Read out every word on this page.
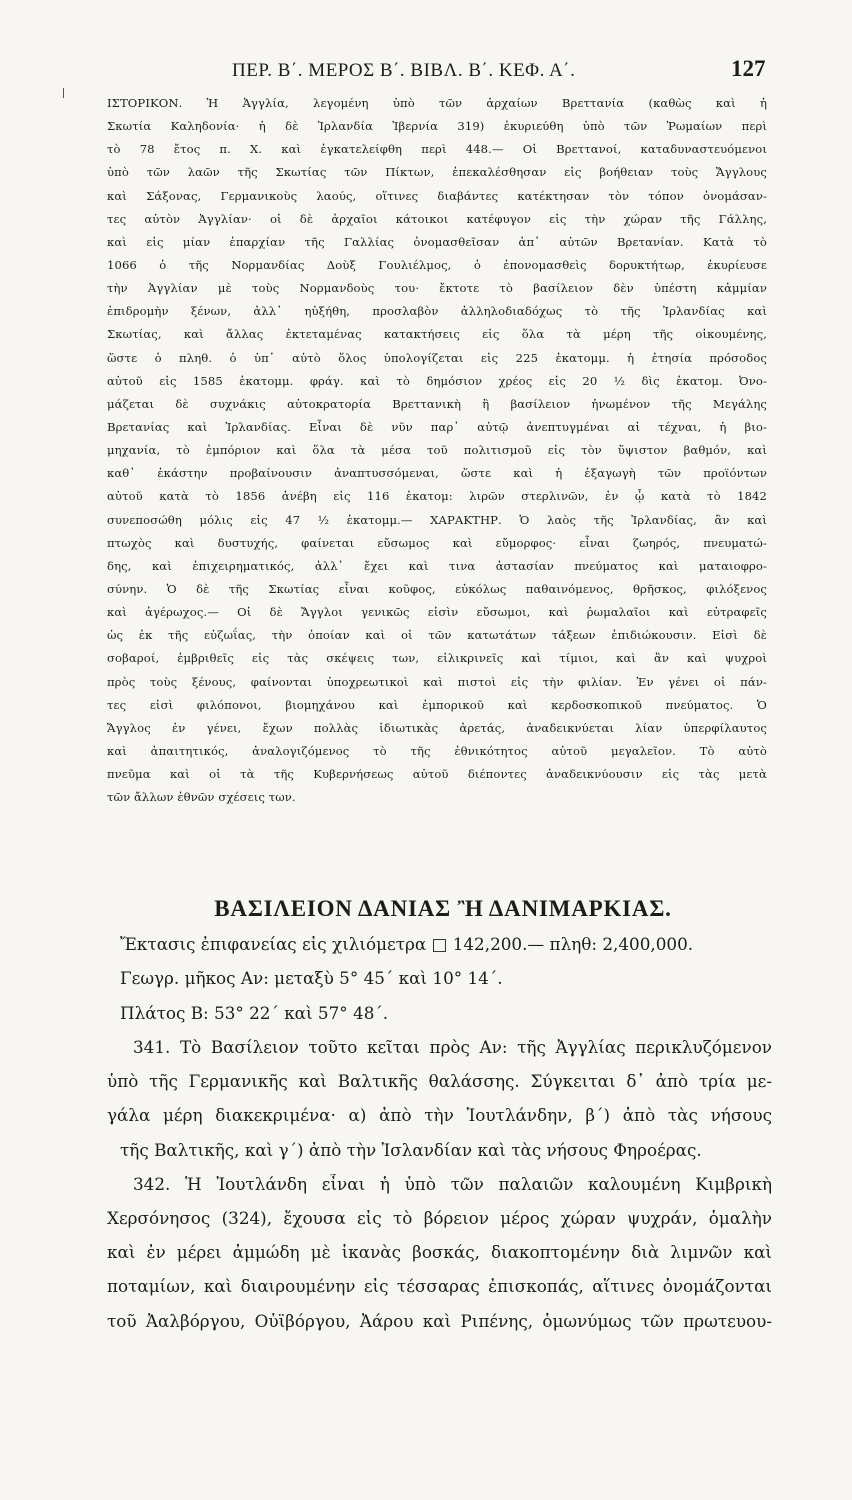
ΠΕΡ. Β΄. ΜΕΡΟΣ Β΄. ΒΙΒΛ. Β΄. ΚΕΦ. Α΄.	127
ΙΣΤΟΡΙΚΟΝ. Ἡ Ἀγγλία, λεγομένη ὑπὸ τῶν ἀρχαίων Βρεττανία (καθὼς καὶ ἡ
Σκωτία Καληδονία· ἡ δὲ Ἰρλανδία Ἰβερνία 319) ἐκυριεύθη ὑπὸ τῶν Ῥωμαίων περὶ
τὸ 78 ἔτος π. Χ. καὶ ἐγκατελείφθη περὶ 448.— Οἱ Βρεττανοί, καταδυναστευόμενοι
ὑπὸ τῶν λαῶν τῆς Σκωτίας τῶν Πίκτων, ἐπεκαλέσθησαν εἰς βοήθειαν τοὺς Ἄγγλους
καὶ Σάξονας, Γερμανικοὺς λαούς, οἵτινες διαβάντες κατέκτησαν τὸν τόπον ὀνομάσαν-
τες αὐτὸν Ἀγγλίαν· οἱ δὲ ἀρχαῖοι κάτοικοι κατέφυγον εἰς τὴν χώραν τῆς Γάλλης,
καὶ εἰς μίαν ἐπαρχίαν τῆς Γαλλίας ὀνομασθεῖσαν ἀπ᾽ αὐτῶν Βρετανίαν. Κατὰ τὸ
1066 ὁ τῆς Νορμανδίας Δοὺξ Γουλιέλμος, ὁ ἐπονομασθεὶς δορυκτήτωρ, ἐκυρίευσε
τὴν Ἀγγλίαν μὲ τοὺς Νορμανδοὺς του· ἔκτοτε τὸ βασίλειον δὲν ὑπέστη κἀμμίαν
ἐπιδρομὴν ξένων, ἀλλ᾽ ηὐξήθη, προσλαβὸν ἀλληλοδιαδόχως τὸ τῆς Ἰρλανδίας καὶ
Σκωτίας, καὶ ἄλλας ἐκτεταμένας κατακτήσεις εἰς ὅλα τὰ μέρη τῆς οἰκουμένης,
ὥστε ὁ πληθ. ὁ ὑπ᾽ αὐτὸ ὅλος ὑπολογίζεται εἰς 225 ἑκατομμ. ἡ ἐτησία πρόσοδος
αὐτοῦ εἰς 1585 ἑκατομμ. φράγ. καὶ τὸ δημόσιον χρέος εἰς 20 ½ δὶς ἑκατομ. Ὀνο-
μάζεται δὲ συχνάκις αὐτοκρατορία Βρεττανικὴ ἢ βασίλειον ἡνωμένον τῆς Μεγάλης
Βρετανίας καὶ Ἰρλανδίας. Εἶναι δὲ νῦν παρ᾽ αὐτῷ ἀνεπτυγμέναι αἱ τέχναι, ἡ βιο-
μηχανία, τὸ ἐμπόριον καὶ ὅλα τὰ μέσα τοῦ πολιτισμοῦ εἰς τὸν ὕψιστον βαθμόν, καὶ
καθ᾽ ἑκάστην προβαίνουσιν ἀναπτυσσόμεναι, ὥστε καὶ ἡ ἐξαγωγὴ τῶν προϊόντων
αὐτοῦ κατὰ τὸ 1856 ἀνέβη εἰς 116 ἑκατομ: λιρῶν στερλινῶν, ἐν ᾧ κατὰ τὸ 1842
συνεποσώθη μόλις εἰς 47 ½ ἑκατομμ.— ΧΑΡΑΚΤΗΡ. Ὁ λαὸς τῆς Ἰρλανδίας, ἂν καὶ
πτωχὸς καὶ δυστυχής, φαίνεται εὔσωμος καὶ εὔμορφος· εἶναι ζωηρός, πνευματώ-
δης, καὶ ἐπιχειρηματικός, ἀλλ᾽ ἔχει καὶ τινα ἀστασίαν πνεύματος καὶ ματαιοφρο-
σύνην. Ὁ δὲ τῆς Σκωτίας εἶναι κοῦφος, εὐκόλως παθαινόμενος, θρῆσκος, φιλόξενος
καὶ ἀγέρωχος.— Οἱ δὲ Ἄγγλοι γενικῶς εἰσὶν εὔσωμοι, καὶ ῥωμαλαῖοι καὶ εὐτραφεῖς
ὡς ἐκ τῆς εὐζωΐας, τὴν ὁποίαν καὶ οἱ τῶν κατωτάτων τάξεων ἐπιδιώκουσιν. Εἰσὶ δὲ
σοβαροί, ἐμβριθεῖς εἰς τὰς σκέψεις των, εἰλικρινεῖς καὶ τίμιοι, καὶ ἂν καὶ ψυχροὶ
πρὸς τοὺς ξένους, φαίνονται ὑποχρεωτικοὶ καὶ πιστοὶ εἰς τὴν φιλίαν. Ἐν γένει οἱ πάν-
τες εἰσὶ φιλόπονοι, βιομηχάνου καὶ ἐμπορικοῦ καὶ κερδοσκοπικοῦ πνεύματος. Ὁ
Ἄγγλος ἐν γένει, ἔχων πολλὰς ἰδιωτικὰς ἀρετάς, ἀναδεικνύεται λίαν ὑπερφίλαυτος
καὶ ἀπαιτητικός, ἀναλογιζόμενος τὸ τῆς ἐθνικότητος αὐτοῦ μεγαλεῖον. Τὸ αὐτὸ
πνεῦμα καὶ οἱ τὰ τῆς Κυβερνήσεως αὐτοῦ διέποντες ἀναδεικνύουσιν εἰς τὰς μετὰ
τῶν ἄλλων ἐθνῶν σχέσεις των.
ΒΑΣΙΛΕΙΟΝ ΔΑΝΙΑΣ Ἢ ΔΑΝΙΜΑΡΚΙΑΣ.
Ἔκτασις ἐπιφανείας εἰς χιλιόμετρα □ 142,200.— πληθ: 2,400,000.
Γεωγρ. μῆκος Αν: μεταξὺ 5° 45΄ καὶ 10° 14΄.
Πλάτος Β: 53° 22΄ καὶ 57° 48΄.
341. Τὸ Βασίλειον τοῦτο κεῖται πρὸς Αν: τῆς Ἀγγλίας περικλυζόμενον
ὑπὸ τῆς Γερμανικῆς καὶ Βαλτικῆς θαλάσσης. Σύγκειται δ᾽ ἀπὸ τρία με-
γάλα μέρη διακεκριμένα· α) ἀπὸ τὴν Ἰουτλάνδην, β΄) ἀπὸ τὰς νήσους
τῆς Βαλτικῆς, καὶ γ΄) ἀπὸ τὴν Ἰσλανδίαν καὶ τὰς νήσους Φηροέρας.
342. Ἡ Ἰουτλάνδη εἶναι ἡ ὑπὸ τῶν παλαιῶν καλουμένη Κιμβρικὴ
Χερσόνησος (324), ἔχουσα εἰς τὸ βόρειον μέρος χώραν ψυχράν, ὁμαλὴν
καὶ ἐν μέρει ἀμμώδη μὲ ἱκανὰς βοσκάς, διακοπτομένην διὰ λιμνῶν καὶ
ποταμίων, καὶ διαιρουμένην εἰς τέσσαρας ἐπισκοπάς, αἵτινες ὀνομάζονται
τοῦ Ἀαλβόργου, Οὐϊβόργου, Ἀάρου καὶ Ριπένης, ὁμωνύμως τῶν πρωτευου-
